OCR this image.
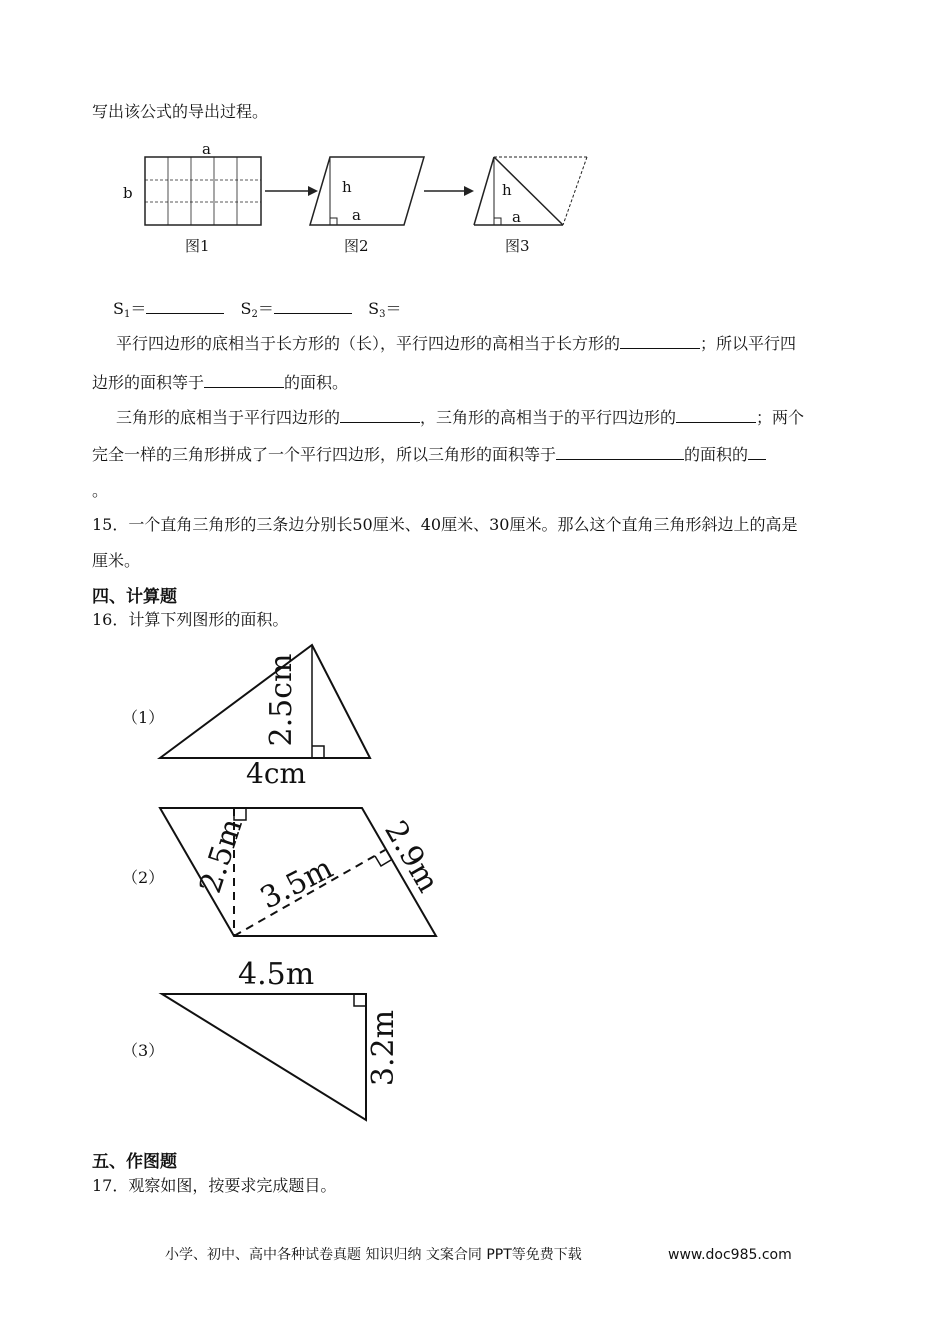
写出该公式的导出过程。
a
b
图1
h
a
图2
h
a
图3
$S_1=$	$S_2=$	$S_3=$
平行四边形的底相当于长方形的（长），平行四边形的高相当于长方形的	；所以平行四
边形的面积等于	的面积。
三角形的底相当于平行四边形的	，三角形的高相当于的平行四边形的	；两个
完全一样的三角形拼成了一个平行四边形，所以三角形的面积等于	的面积的
。
15．一个直角三角形的三条边分别长50厘米、40厘米、30厘米。那么这个直角三角形斜边上的高是
厘米。
四、计算题
16．计算下列图形的面积。
（1）	2.5cm
4cm
（2） 2.5m 3.5m 2.9m
（3）
4.5m
3.2m
五、作图题
17．观察如图，按要求完成题目。
小学、初中、高中各种试卷真题 知识归纳 文案合同 PPT等免费下载	www.doc985.com
